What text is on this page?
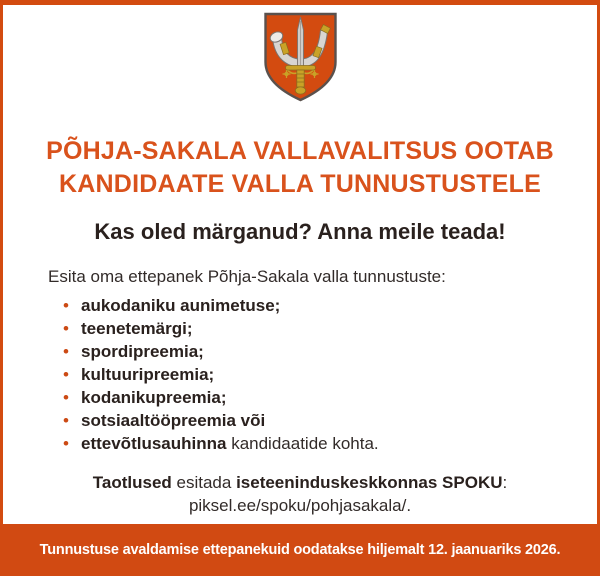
PÕHJA-SAKALA VALLAVALITSUS OOTAB
KANDIDAATE VALLA TUNNUSTUSTELE
Kas oled märganud? Anna meile teada!

Esita oma ettepanek Põhja-Sakala valla tunnustuste:

• aukodaniku aunimetuse;
• teenetemärgi;
• spordipreemia;
• kultuuripreemia;
• kodanikupreemia;
• sotsiaaltööpreemia või
• ettevõtlusauhinna kandidaatide kohta.
Taotlused esitada iseteeninduskeskkonnas SPOKU:
piksel.ee/spoku/pohjasakala/.
Tunnustuse avaldamise ettepanekuid oodatakse hiljemalt 12. jaanuariks 2026.
